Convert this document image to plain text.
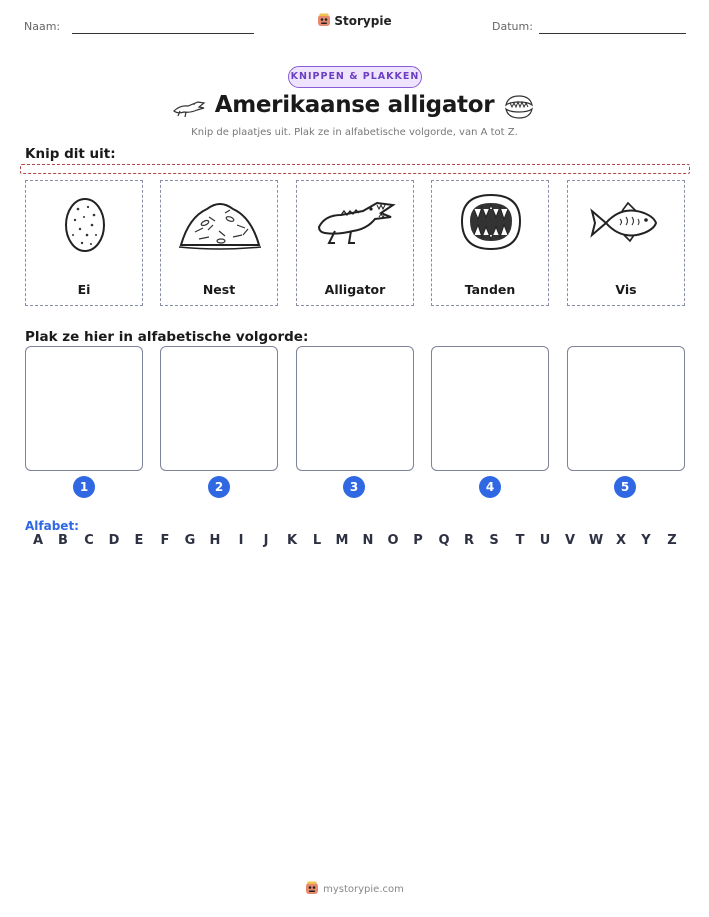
Naam:	Storypie	Datum:
KNIPPEN & PLAKKEN
Amerikaanse alligator
Knip de plaatjes uit. Plak ze in alfabetische volgorde, van A tot Z.
Knip dit uit:
Ei	Nest	Alligator	Tanden	Vis
Plak ze hier in alfabetische volgorde:
1	2	3	4	5
Alfabet:
A	B	C	D	E	F	G	H	I	J	K	L	M	N	O	P	Q	R	S	T	U	V	W X	Y	Z
mystorypie.com
